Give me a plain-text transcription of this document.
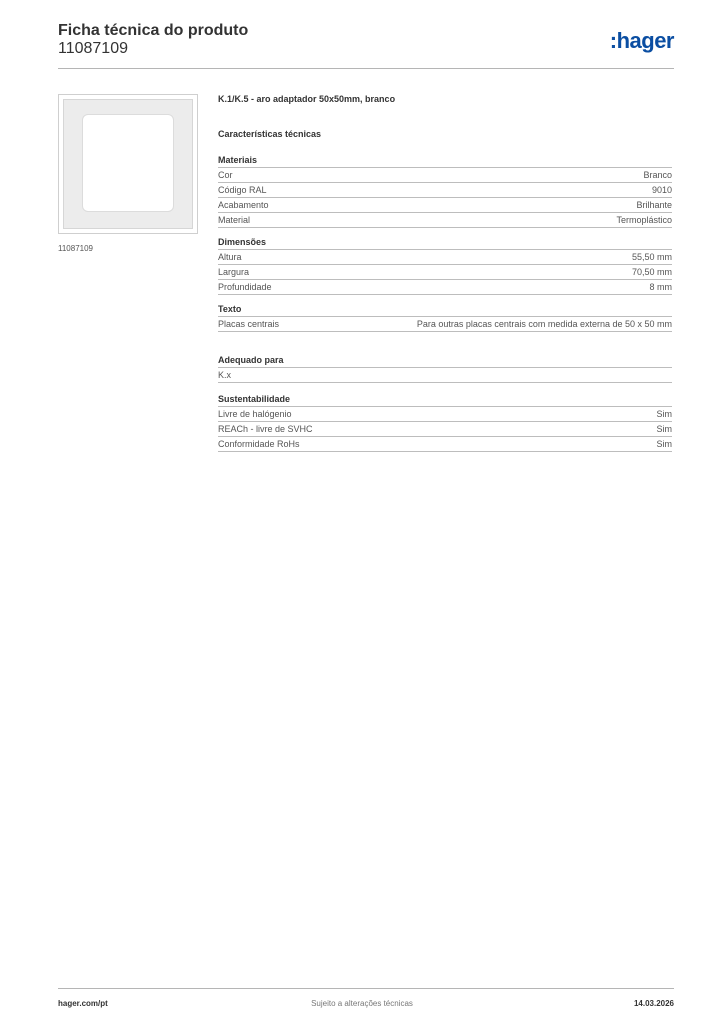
Ficha técnica do produto
11087109	:hager
11087109
K.1/K.5 - aro adaptador 50x50mm, branco
Características técnicas
Materiais
Cor	Branco
Código RAL	9010
Acabamento	Brilhante
Material	Termoplástico
Dimensões
Altura	55,50 mm
Largura	70,50 mm
Profundidade	8 mm
Texto
Placas centrais	Para outras placas centrais com medida externa de 50 x 50 mm
Adequado para
K.x
Sustentabilidade
Livre de halógenio	Sim
REACh - livre de SVHC	Sim
Conformidade RoHs	Sim
hager.com/pt	Sujeito a alterações técnicas	14.03.2026
